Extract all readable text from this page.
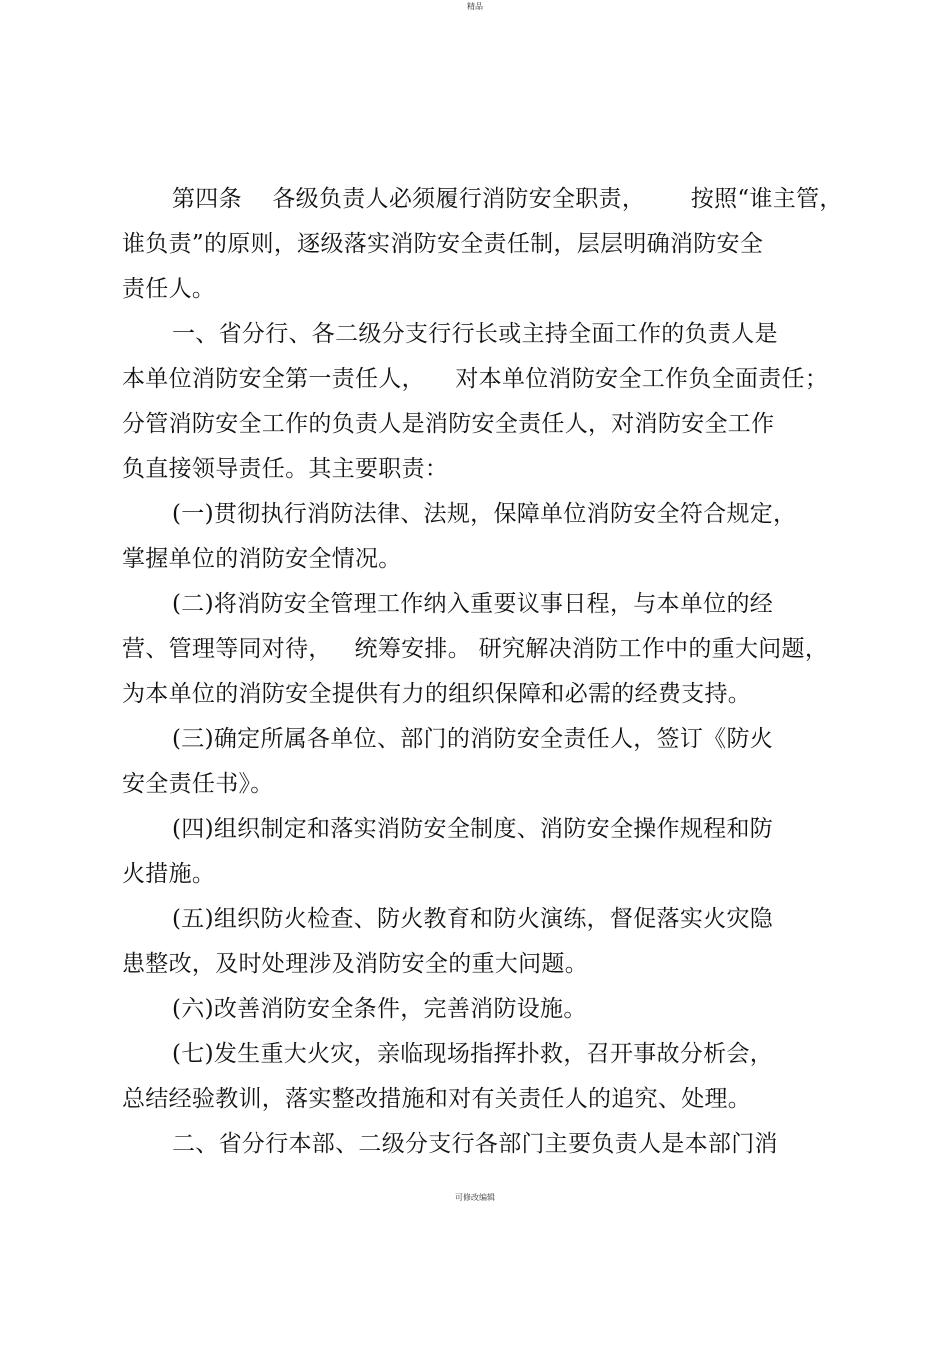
精品
第四条    各级负责人必须履行消防安全职责，      按照“谁主管，
谁负责”的原则，逐级落实消防安全责任制，层层明确消防安全
责任人。
一、省分行、各二级分支行行长或主持全面工作的负责人是
本单位消防安全第一责任人，    对本单位消防安全工作负全面责任；
分管消防安全工作的负责人是消防安全责任人，对消防安全工作
负直接领导责任。其主要职责：
(一)贯彻执行消防法律、法规，保障单位消防安全符合规定，
掌握单位的消防安全情况。
(二)将消防安全管理工作纳入重要议事日程，与本单位的经
营、管理等同对待，   统筹安排。 研究解决消防工作中的重大问题，
为本单位的消防安全提供有力的组织保障和必需的经费支持。
(三)确定所属各单位、部门的消防安全责任人，签订《防火
安全责任书》。
(四)组织制定和落实消防安全制度、消防安全操作规程和防
火措施。
(五)组织防火检查、防火教育和防火演练，督促落实火灾隐
患整改，及时处理涉及消防安全的重大问题。
(六)改善消防安全条件，完善消防设施。
(七)发生重大火灾，亲临现场指挥扑救，召开事故分析会，
总结经验教训，落实整改措施和对有关责任人的追究、处理。
二、省分行本部、二级分支行各部门主要负责人是本部门消
可修改编辑
